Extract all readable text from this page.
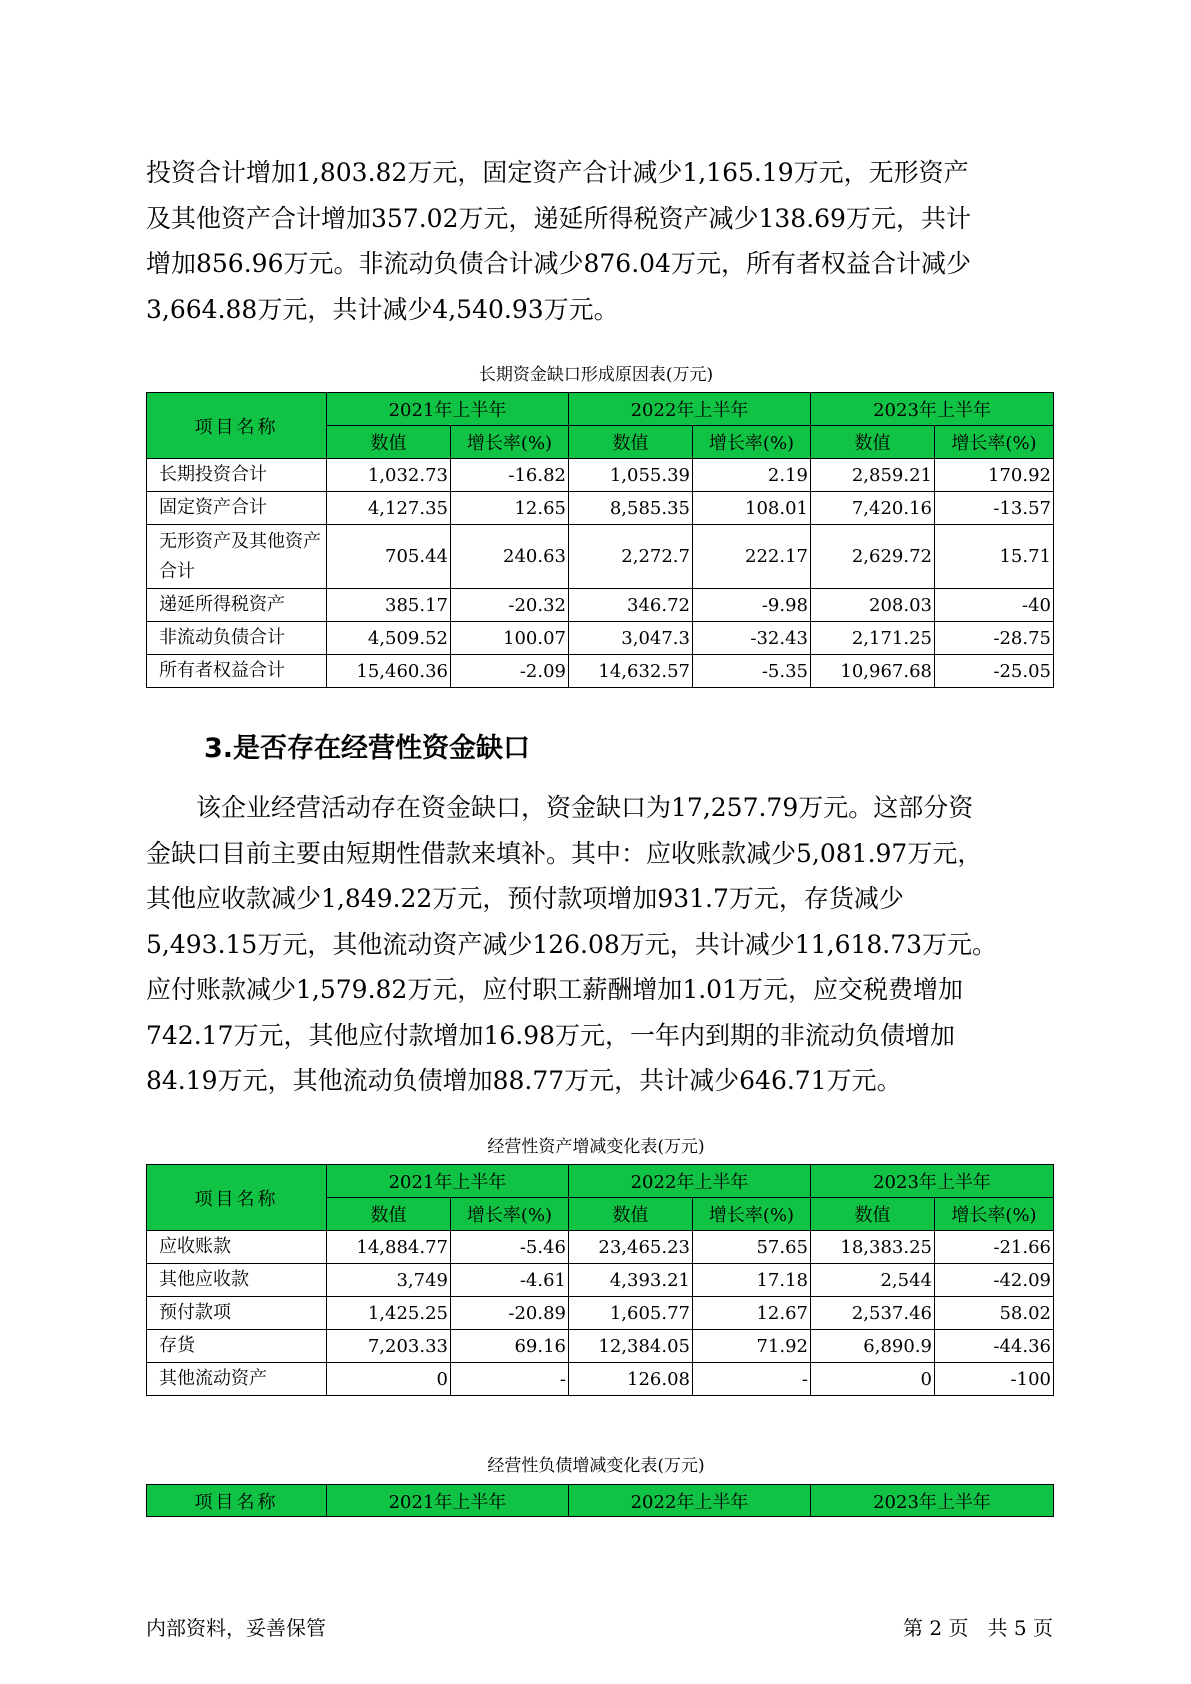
投资合计增加1,803.82万元，固定资产合计减少1,165.19万元，无形资产
及其他资产合计增加357.02万元，递延所得税资产减少138.69万元，共计
增加856.96万元。非流动负债合计减少876.04万元，所有者权益合计减少
3,664.88万元，共计减少4,540.93万元。

长期资金缺口形成原因表(万元)
项目名称	2021年上半年		2022年上半年		2023年上半年	
	数值	增长率(%)	数值	增长率(%)	数值	增长率(%)
长期投资合计	1,032.73	-16.82	1,055.39	2.19	2,859.21	170.92
固定资产合计	4,127.35	12.65	8,585.35	108.01	7,420.16	-13.57
无形资产及其他资产合计	705.44	240.63	2,272.7	222.17	2,629.72	15.71
递延所得税资产	385.17	-20.32	346.72	-9.98	208.03	-40
非流动负债合计	4,509.52	100.07	3,047.3	-32.43	2,171.25	-28.75
所有者权益合计	15,460.36	-2.09	14,632.57	-5.35	10,967.68	-25.05
3.是否存在经营性资金缺口

该企业经营活动存在资金缺口，资金缺口为17,257.79万元。这部分资
金缺口目前主要由短期性借款来填补。其中：应收账款减少5,081.97万元，
其他应收款减少1,849.22万元，预付款项增加931.7万元，存货减少
5,493.15万元，其他流动资产减少126.08万元，共计减少11,618.73万元。
应付账款减少1,579.82万元，应付职工薪酬增加1.01万元，应交税费增加
742.17万元，其他应付款增加16.98万元，一年内到期的非流动负债增加
84.19万元，其他流动负债增加88.77万元，共计减少646.71万元。

经营性资产增减变化表(万元)
项目名称	2021年上半年		2022年上半年		2023年上半年	
	数值	增长率(%)	数值	增长率(%)	数值	增长率(%)
应收账款	14,884.77	-5.46	23,465.23	57.65	18,383.25	-21.66
其他应收款	3,749	-4.61	4,393.21	17.18	2,544	-42.09
预付款项	1,425.25	-20.89	1,605.77	12.67	2,537.46	58.02
存货	7,203.33	69.16	12,384.05	71.92	6,890.9	-44.36
其他流动资产	0	-	126.08	-	0	-100
经营性负债增减变化表(万元)
项目名称	2021年上半年	2022年上半年	2023年上半年
内部资料，妥善保管	第 2 页   共 5 页
